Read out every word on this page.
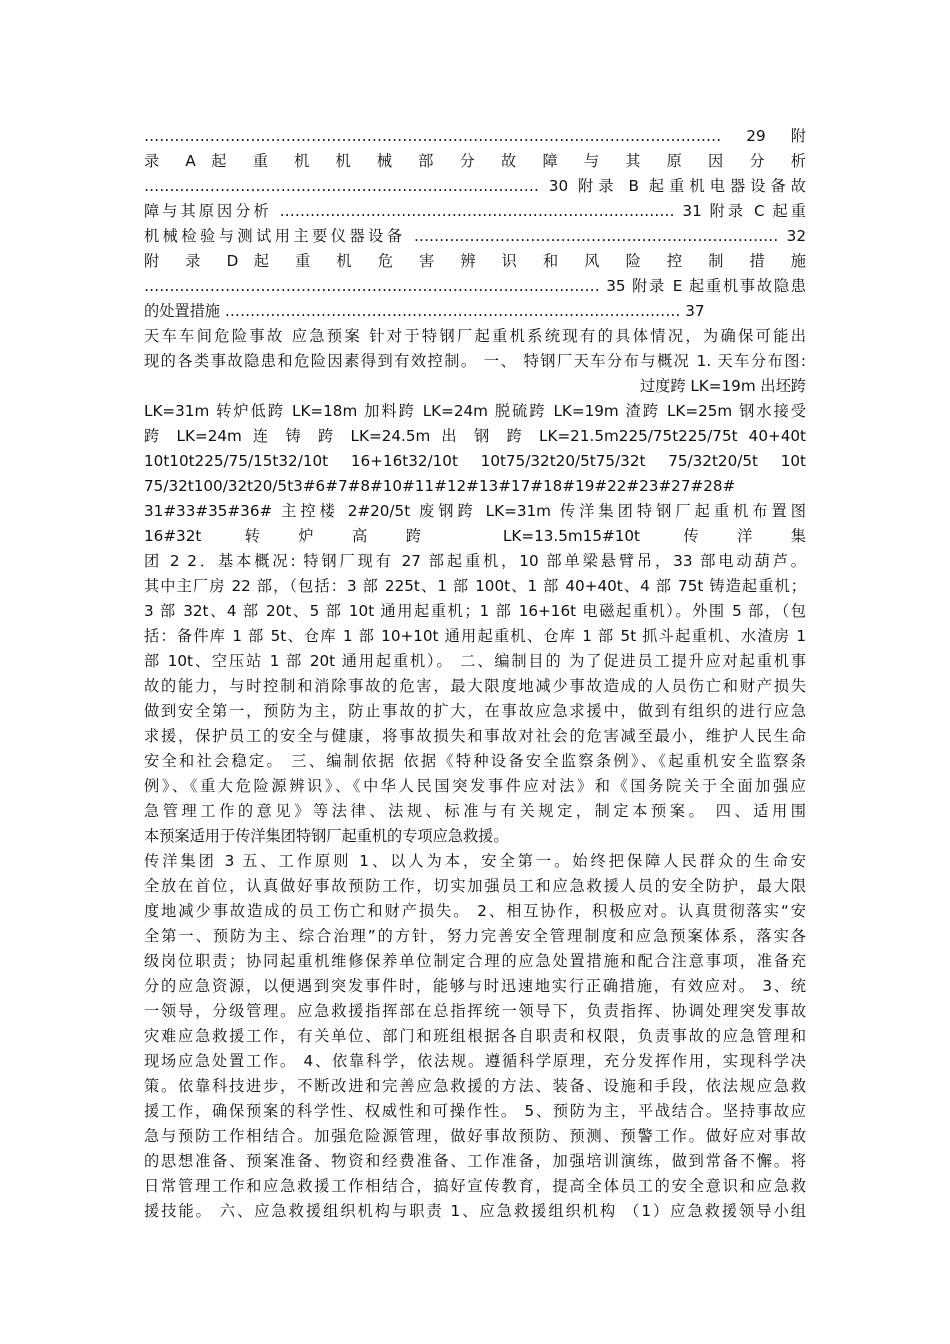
…………………………………………………………………………………………………… 29 附
录 A 起 重 机 机 械 部 分 故 障 与 其 原 因 分 析
…………………………………………………………………… 30 附录 B 起重机电器设备故
障与其原因分析 …………………………………………………………………… 31 附录 C 起重
机械检验与测试用主要仪器设备 ……………………………………………………………… 32
附 录 D 起 重 机 危 害 辨 识 和 风 险 控 制 措 施
……………………………………………………………………………… 35 附录 E 起重机事故隐患
的处置措施 ……………………………………………………………………………… 37
天车车间危险事故 应急预案 针对于特钢厂起重机系统现有的具体情况，为确保可能出
现的各类事故隐患和危险因素得到有效控制。 一、 特钢厂天车分布与概况 1. 天车分布图:
过度跨 LK=19m 出坯跨
LK=31m 转炉低跨 LK=18m 加料跨 LK=24m 脱硫跨 LK=19m 渣跨 LK=25m 钢水接受
跨 LK=24m 连 铸 跨 LK=24.5m 出 钢 跨 LK=21.5m225/75t225/75t 40+40t
10t10t225/75/15t32/10t 16+16t32/10t 10t75/32t20/5t75/32t 75/32t20/5t 10t
75/32t100/32t20/5t3#6#7#8#10#11#12#13#17#18#19#22#23#27#28#
31#33#35#36# 主控楼 2#20/5t 废钢跨 LK=31m 传洋集团特钢厂起重机布置图
16#32t 转炉高跨 LK=13.5m15#10t 传洋集
团 2 2．基本概况: 特钢厂现有 27 部起重机，10 部单梁悬臂吊，33 部电动葫芦。
其中主厂房 22 部，（包括：3 部 225t、1 部 100t、1 部 40+40t、4 部 75t 铸造起重机；
3 部 32t、4 部 20t、5 部 10t 通用起重机；1 部 16+16t 电磁起重机）。外围 5 部，（包
括：备件库 1 部 5t、仓库 1 部 10+10t 通用起重机、仓库 1 部 5t 抓斗起重机、水渣房 1
部 10t、空压站 1 部 20t 通用起重机）。 二、编制目的 为了促进员工提升应对起重机事
故的能力，与时控制和消除事故的危害，最大限度地减少事故造成的人员伤亡和财产损失
做到安全第一，预防为主，防止事故的扩大，在事故应急求援中，做到有组织的进行应急
求援，保护员工的安全与健康，将事故损失和事故对社会的危害减至最小，维护人民生命
安全和社会稳定。 三、编制依据 依据《特种设备安全监察条例》、《起重机安全监察条
例》、《重大危险源辨识》、《中华人民国突发事件应对法》和《国务院关于全面加强应
急管理工作的意见》等法律、法规、标准与有关规定，制定本预案。 四、适用围
本预案适用于传洋集团特钢厂起重机的专项应急救援。
传洋集团 3 五、工作原则 1、以人为本，安全第一。始终把保障人民群众的生命安
全放在首位，认真做好事故预防工作，切实加强员工和应急救援人员的安全防护，最大限
度地减少事故造成的员工伤亡和财产损失。 2、相互协作，积极应对。认真贯彻落实“安
全第一、预防为主、综合治理”的方针，努力完善安全管理制度和应急预案体系，落实各
级岗位职责；协同起重机维修保养单位制定合理的应急处置措施和配合注意事项，准备充
分的应急资源，以便遇到突发事件时，能够与时迅速地实行正确措施，有效应对。 3、统
一领导，分级管理。应急救援指挥部在总指挥统一领导下，负责指挥、协调处理突发事故
灾难应急救援工作，有关单位、部门和班组根据各自职责和权限，负责事故的应急管理和
现场应急处置工作。 4、依靠科学，依法规。遵循科学原理，充分发挥作用，实现科学决
策。依靠科技进步，不断改进和完善应急救援的方法、装备、设施和手段，依法规应急救
援工作，确保预案的科学性、权威性和可操作性。 5、预防为主，平战结合。坚持事故应
急与预防工作相结合。加强危险源管理，做好事故预防、预测、预警工作。做好应对事故
的思想准备、预案准备、物资和经费准备、工作准备，加强培训演练，做到常备不懈。将
日常管理工作和应急救援工作相结合，搞好宣传教育，提高全体员工的安全意识和应急救
援技能。 六、应急救援组织机构与职责 1、应急救援组织机构 （1）应急救援领导小组
